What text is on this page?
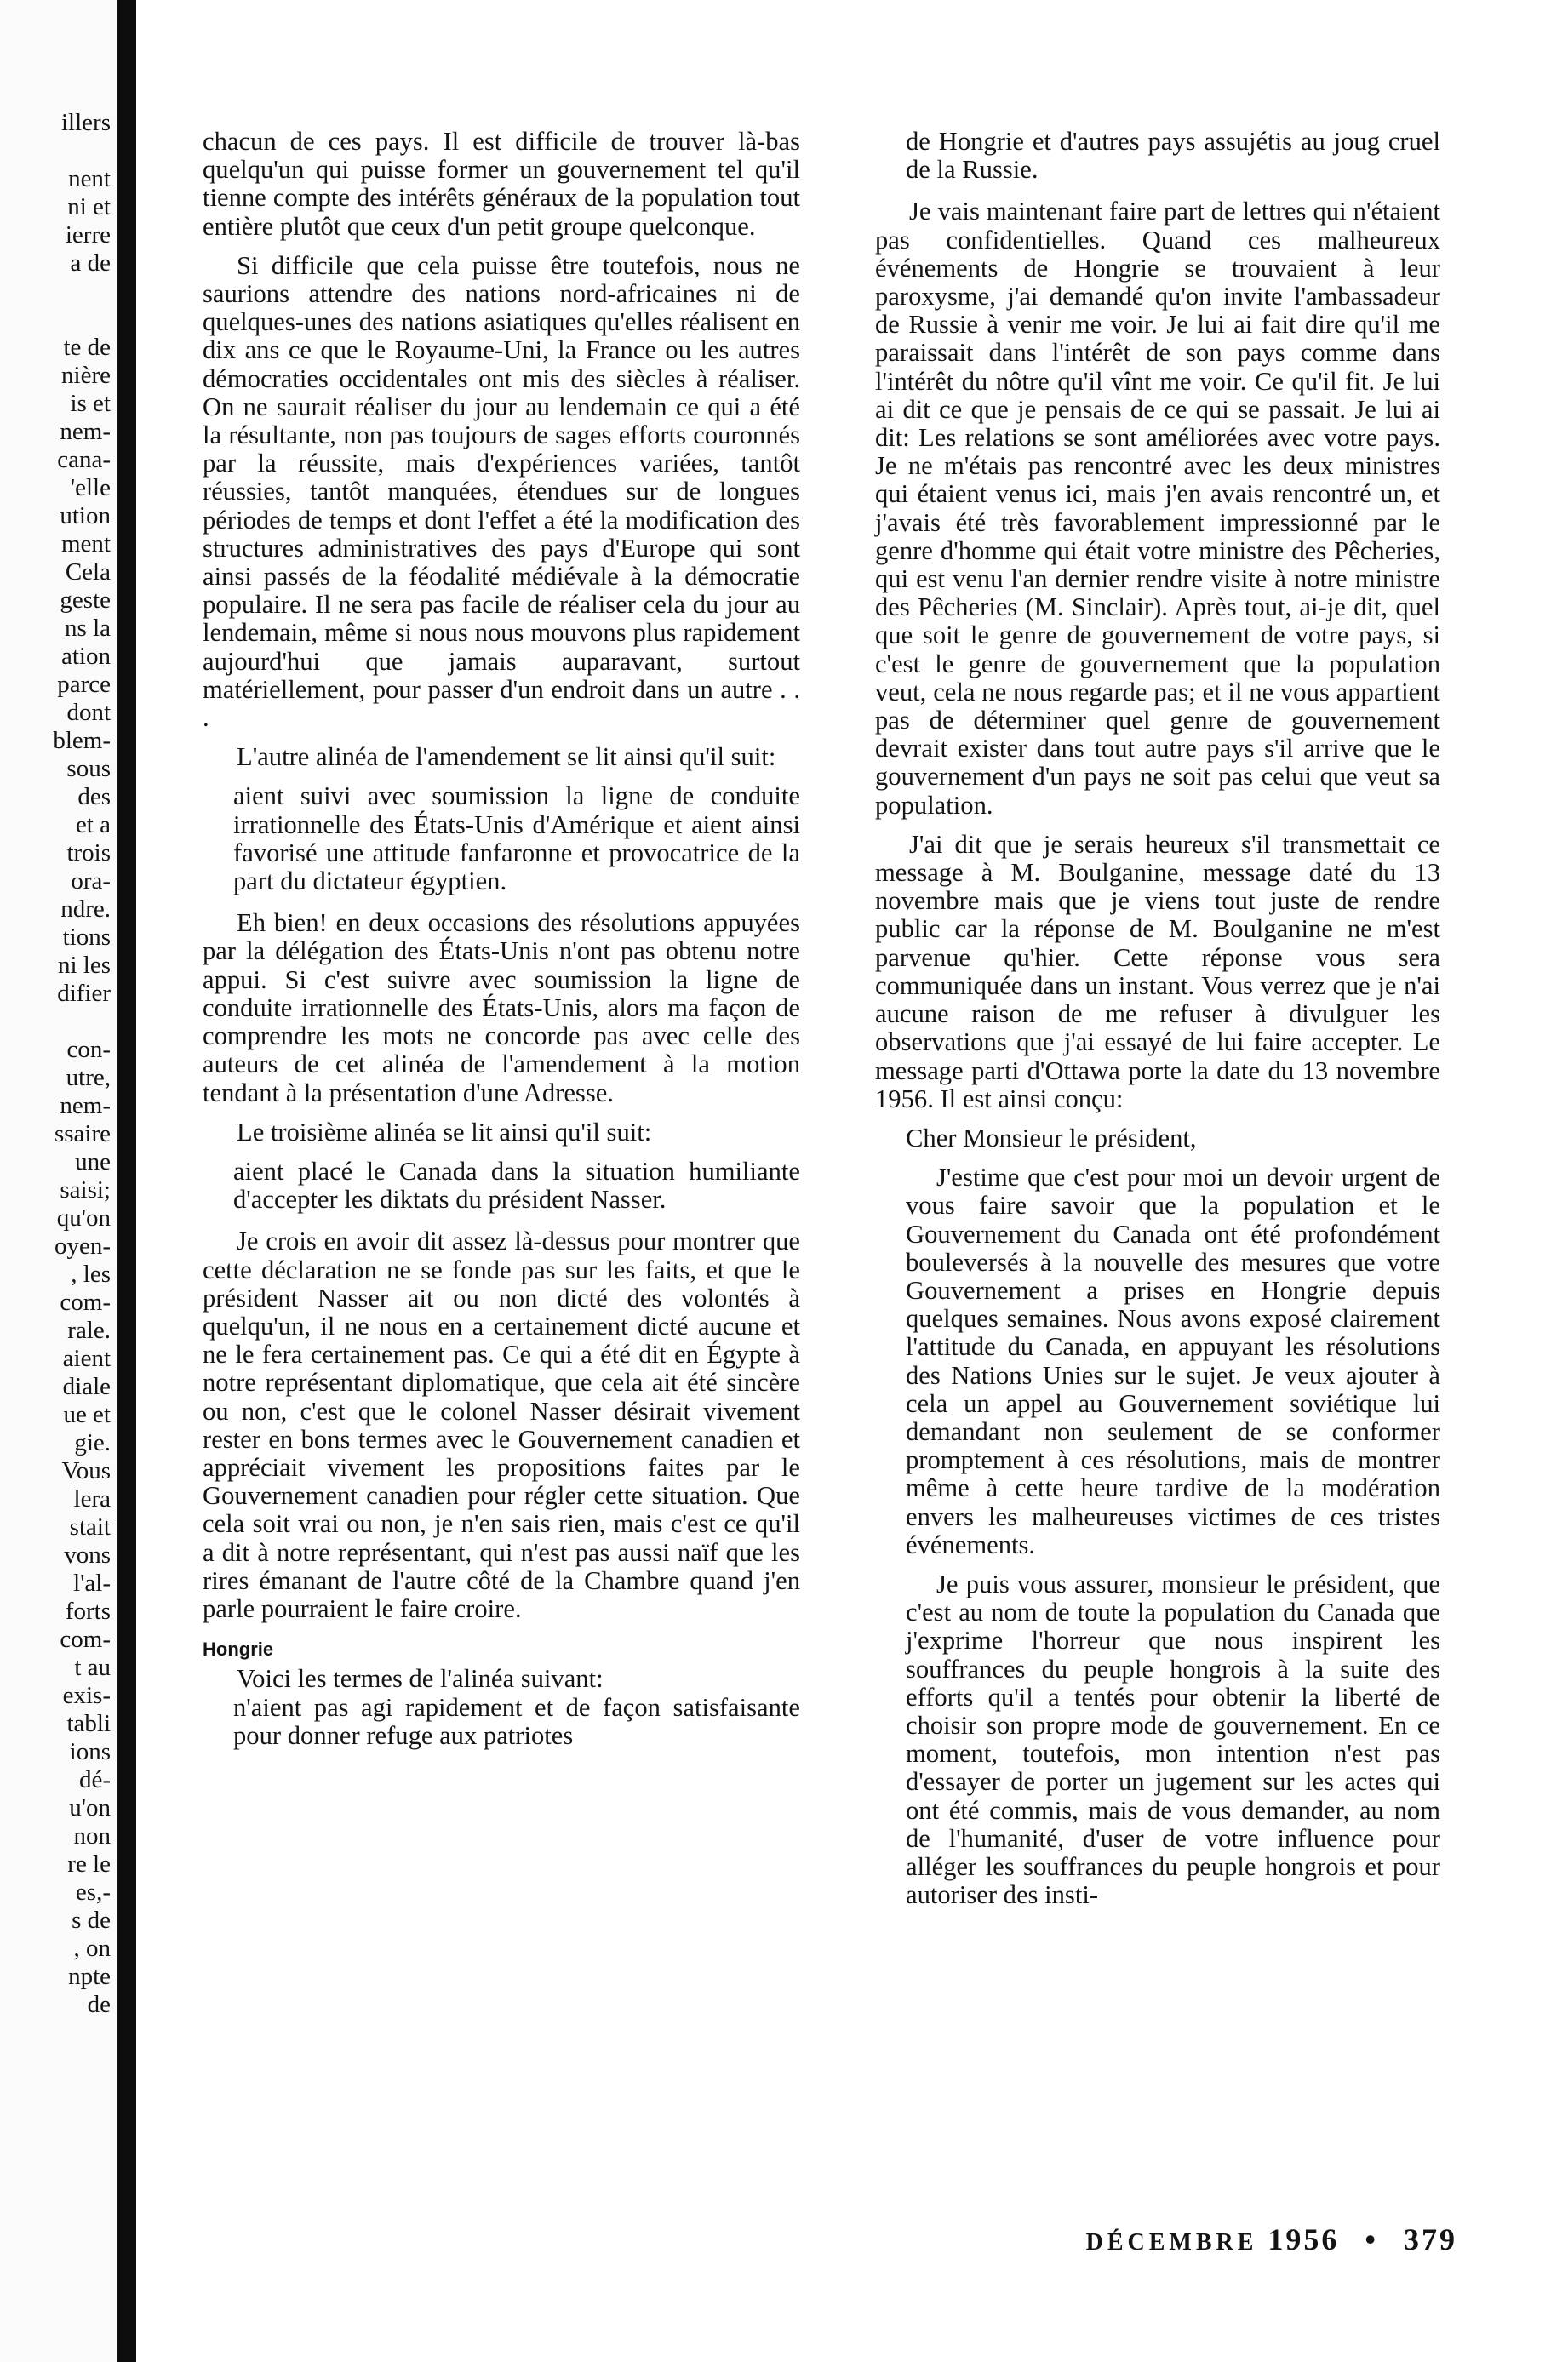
illers
nent
ni et
ierre
a de
te de
nière
is et
nem-
cana-
'elle
ution
ment
Cela
geste
ns la
ation
parce
dont
blem-
sous
des
et a
trois
ora-
ndre.
tions
ni les
difier
con-
utre,
nem-
ssaire
une
saisi;
qu'on
oyen-
, les
com-
rale.
aient
diale
ue et
gie.
Vous
lera
stait
vons
l'al-
forts
com-
t au
exis-
tabli
ions
dé-
u'on
non
re le
es,-
s de
, on
npte
de

chacun de ces pays. Il est difficile de trouver là-bas quelqu'un qui puisse former un gouvernement tel qu'il tienne compte des intérêts généraux de la population tout entière plutôt que ceux d'un petit groupe quelconque.

Si difficile que cela puisse être toutefois, nous ne saurions attendre des nations nord-africaines ni de quelques-unes des nations asiatiques qu'elles réalisent en dix ans ce que le Royaume-Uni, la France ou les autres démocraties occidentales ont mis des siècles à réaliser. On ne saurait réaliser du jour au lendemain ce qui a été la résultante, non pas toujours de sages efforts couronnés par la réussite, mais d'expériences variées, tantôt réussies, tantôt manquées, étendues sur de longues périodes de temps et dont l'effet a été la modification des structures administratives des pays d'Europe qui sont ainsi passés de la féodalité médiévale à la démocratie populaire. Il ne sera pas facile de réaliser cela du jour au lendemain, même si nous nous mouvons plus rapidement aujourd'hui que jamais auparavant, surtout matériellement, pour passer d'un endroit dans un autre . . .

L'autre alinéa de l'amendement se lit ainsi qu'il suit:

aient suivi avec soumission la ligne de conduite irrationnelle des États-Unis d'Amérique et aient ainsi favorisé une attitude fanfaronne et provocatrice de la part du dictateur égyptien.

Eh bien! en deux occasions des résolutions appuyées par la délégation des États-Unis n'ont pas obtenu notre appui. Si c'est suivre avec soumission la ligne de conduite irrationnelle des États-Unis, alors ma façon de comprendre les mots ne concorde pas avec celle des auteurs de cet alinéa de l'amendement à la motion tendant à la présentation d'une Adresse.

Le troisième alinéa se lit ainsi qu'il suit:

aient placé le Canada dans la situation humiliante d'accepter les diktats du président Nasser.

Je crois en avoir dit assez là-dessus pour montrer que cette déclaration ne se fonde pas sur les faits, et que le président Nasser ait ou non dicté des volontés à quelqu'un, il ne nous en a certainement dicté aucune et ne le fera certainement pas. Ce qui a été dit en Égypte à notre représentant diplomatique, que cela ait été sincère ou non, c'est que le colonel Nasser désirait vivement rester en bons termes avec le Gouvernement canadien et appréciait vivement les propositions faites par le Gouvernement canadien pour régler cette situation. Que cela soit vrai ou non, je n'en sais rien, mais c'est ce qu'il a dit à notre représentant, qui n'est pas aussi naïf que les rires émanant de l'autre côté de la Chambre quand j'en parle pourraient le faire croire.

Hongrie

Voici les termes de l'alinéa suivant:

n'aient pas agi rapidement et de façon satisfaisante pour donner refuge aux patriotes

de Hongrie et d'autres pays assujétis au joug cruel de la Russie.

Je vais maintenant faire part de lettres qui n'étaient pas confidentielles. Quand ces malheureux événements de Hongrie se trouvaient à leur paroxysme, j'ai demandé qu'on invite l'ambassadeur de Russie à venir me voir. Je lui ai fait dire qu'il me paraissait dans l'intérêt de son pays comme dans l'intérêt du nôtre qu'il vînt me voir. Ce qu'il fit. Je lui ai dit ce que je pensais de ce qui se passait. Je lui ai dit: Les relations se sont améliorées avec votre pays. Je ne m'étais pas rencontré avec les deux ministres qui étaient venus ici, mais j'en avais rencontré un, et j'avais été très favorablement impressionné par le genre d'homme qui était votre ministre des Pêcheries, qui est venu l'an dernier rendre visite à notre ministre des Pêcheries (M. Sinclair). Après tout, ai-je dit, quel que soit le genre de gouvernement de votre pays, si c'est le genre de gouvernement que la population veut, cela ne nous regarde pas; et il ne vous appartient pas de déterminer quel genre de gouvernement devrait exister dans tout autre pays s'il arrive que le gouvernement d'un pays ne soit pas celui que veut sa population.

J'ai dit que je serais heureux s'il transmettait ce message à M. Boulganine, message daté du 13 novembre mais que je viens tout juste de rendre public car la réponse de M. Boulganine ne m'est parvenue qu'hier. Cette réponse vous sera communiquée dans un instant. Vous verrez que je n'ai aucune raison de me refuser à divulguer les observations que j'ai essayé de lui faire accepter. Le message parti d'Ottawa porte la date du 13 novembre 1956. Il est ainsi conçu:

Cher Monsieur le président,

J'estime que c'est pour moi un devoir urgent de vous faire savoir que la population et le Gouvernement du Canada ont été profondément bouleversés à la nouvelle des mesures que votre Gouvernement a prises en Hongrie depuis quelques semaines. Nous avons exposé clairement l'attitude du Canada, en appuyant les résolutions des Nations Unies sur le sujet. Je veux ajouter à cela un appel au Gouvernement soviétique lui demandant non seulement de se conformer promptement à ces résolutions, mais de montrer même à cette heure tardive de la modération envers les malheureuses victimes de ces tristes événements.

Je puis vous assurer, monsieur le président, que c'est au nom de toute la population du Canada que j'exprime l'horreur que nous inspirent les souffrances du peuple hongrois à la suite des efforts qu'il a tentés pour obtenir la liberté de choisir son propre mode de gouvernement. En ce moment, toutefois, mon intention n'est pas d'essayer de porter un jugement sur les actes qui ont été commis, mais de vous demander, au nom de l'humanité, d'user de votre influence pour alléger les souffrances du peuple hongrois et pour autoriser des insti-

DÉCEMBRE 1956 • 379
